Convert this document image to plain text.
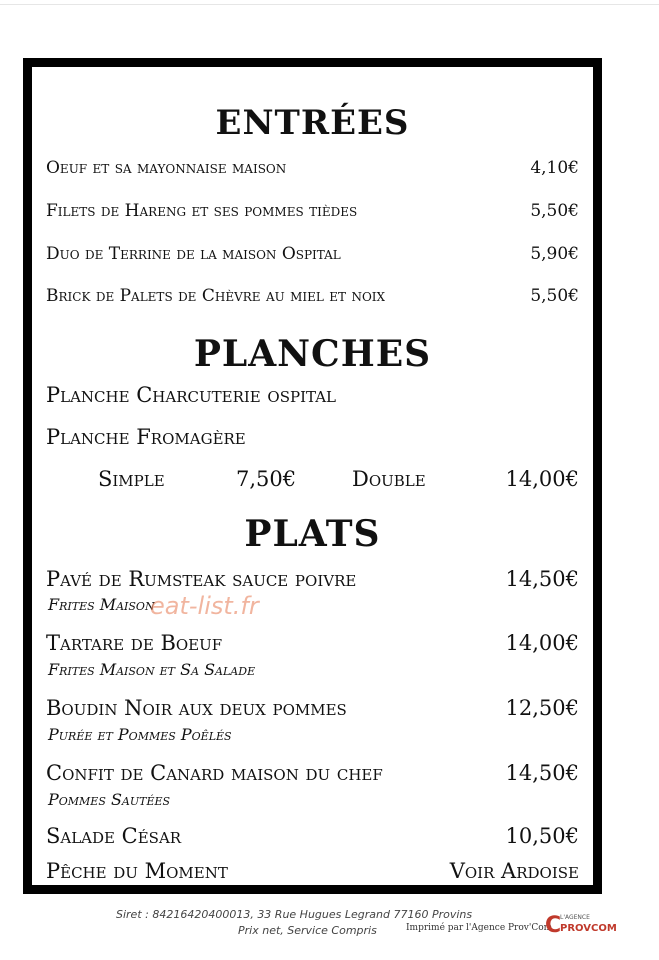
ENTRÉES
Oeuf et sa mayonnaise maison	4,10€
Filets de Hareng et ses pommes tièdes	5,50€
Duo de Terrine de la maison Ospital	5,90€
Brick de Palets de Chèvre au miel et noix	5,50€
PLANCHES
Planche Charcuterie ospital
Planche Fromagère
Simple	7,50€	Double	14,00€
PLATS
Pavé de Rumsteak sauce poivre	14,50€
Frites Maison
Tartare de Boeuf	14,00€
Frites Maison et Sa Salade
Boudin Noir aux deux pommes	12,50€
Purée et Pommes Poêlés
Confit de Canard maison du chef	14,50€
Pommes Sautées
Salade César	10,50€
Pêche du Moment	Voir Ardoise
eat-list.fr
Siret : 84216420400013, 33 Rue Hugues Legrand 77160 Provins
Prix net, Service Compris	Imprimé par l'Agence Prov'Com
C
L'AGENCE
PROVCOM
